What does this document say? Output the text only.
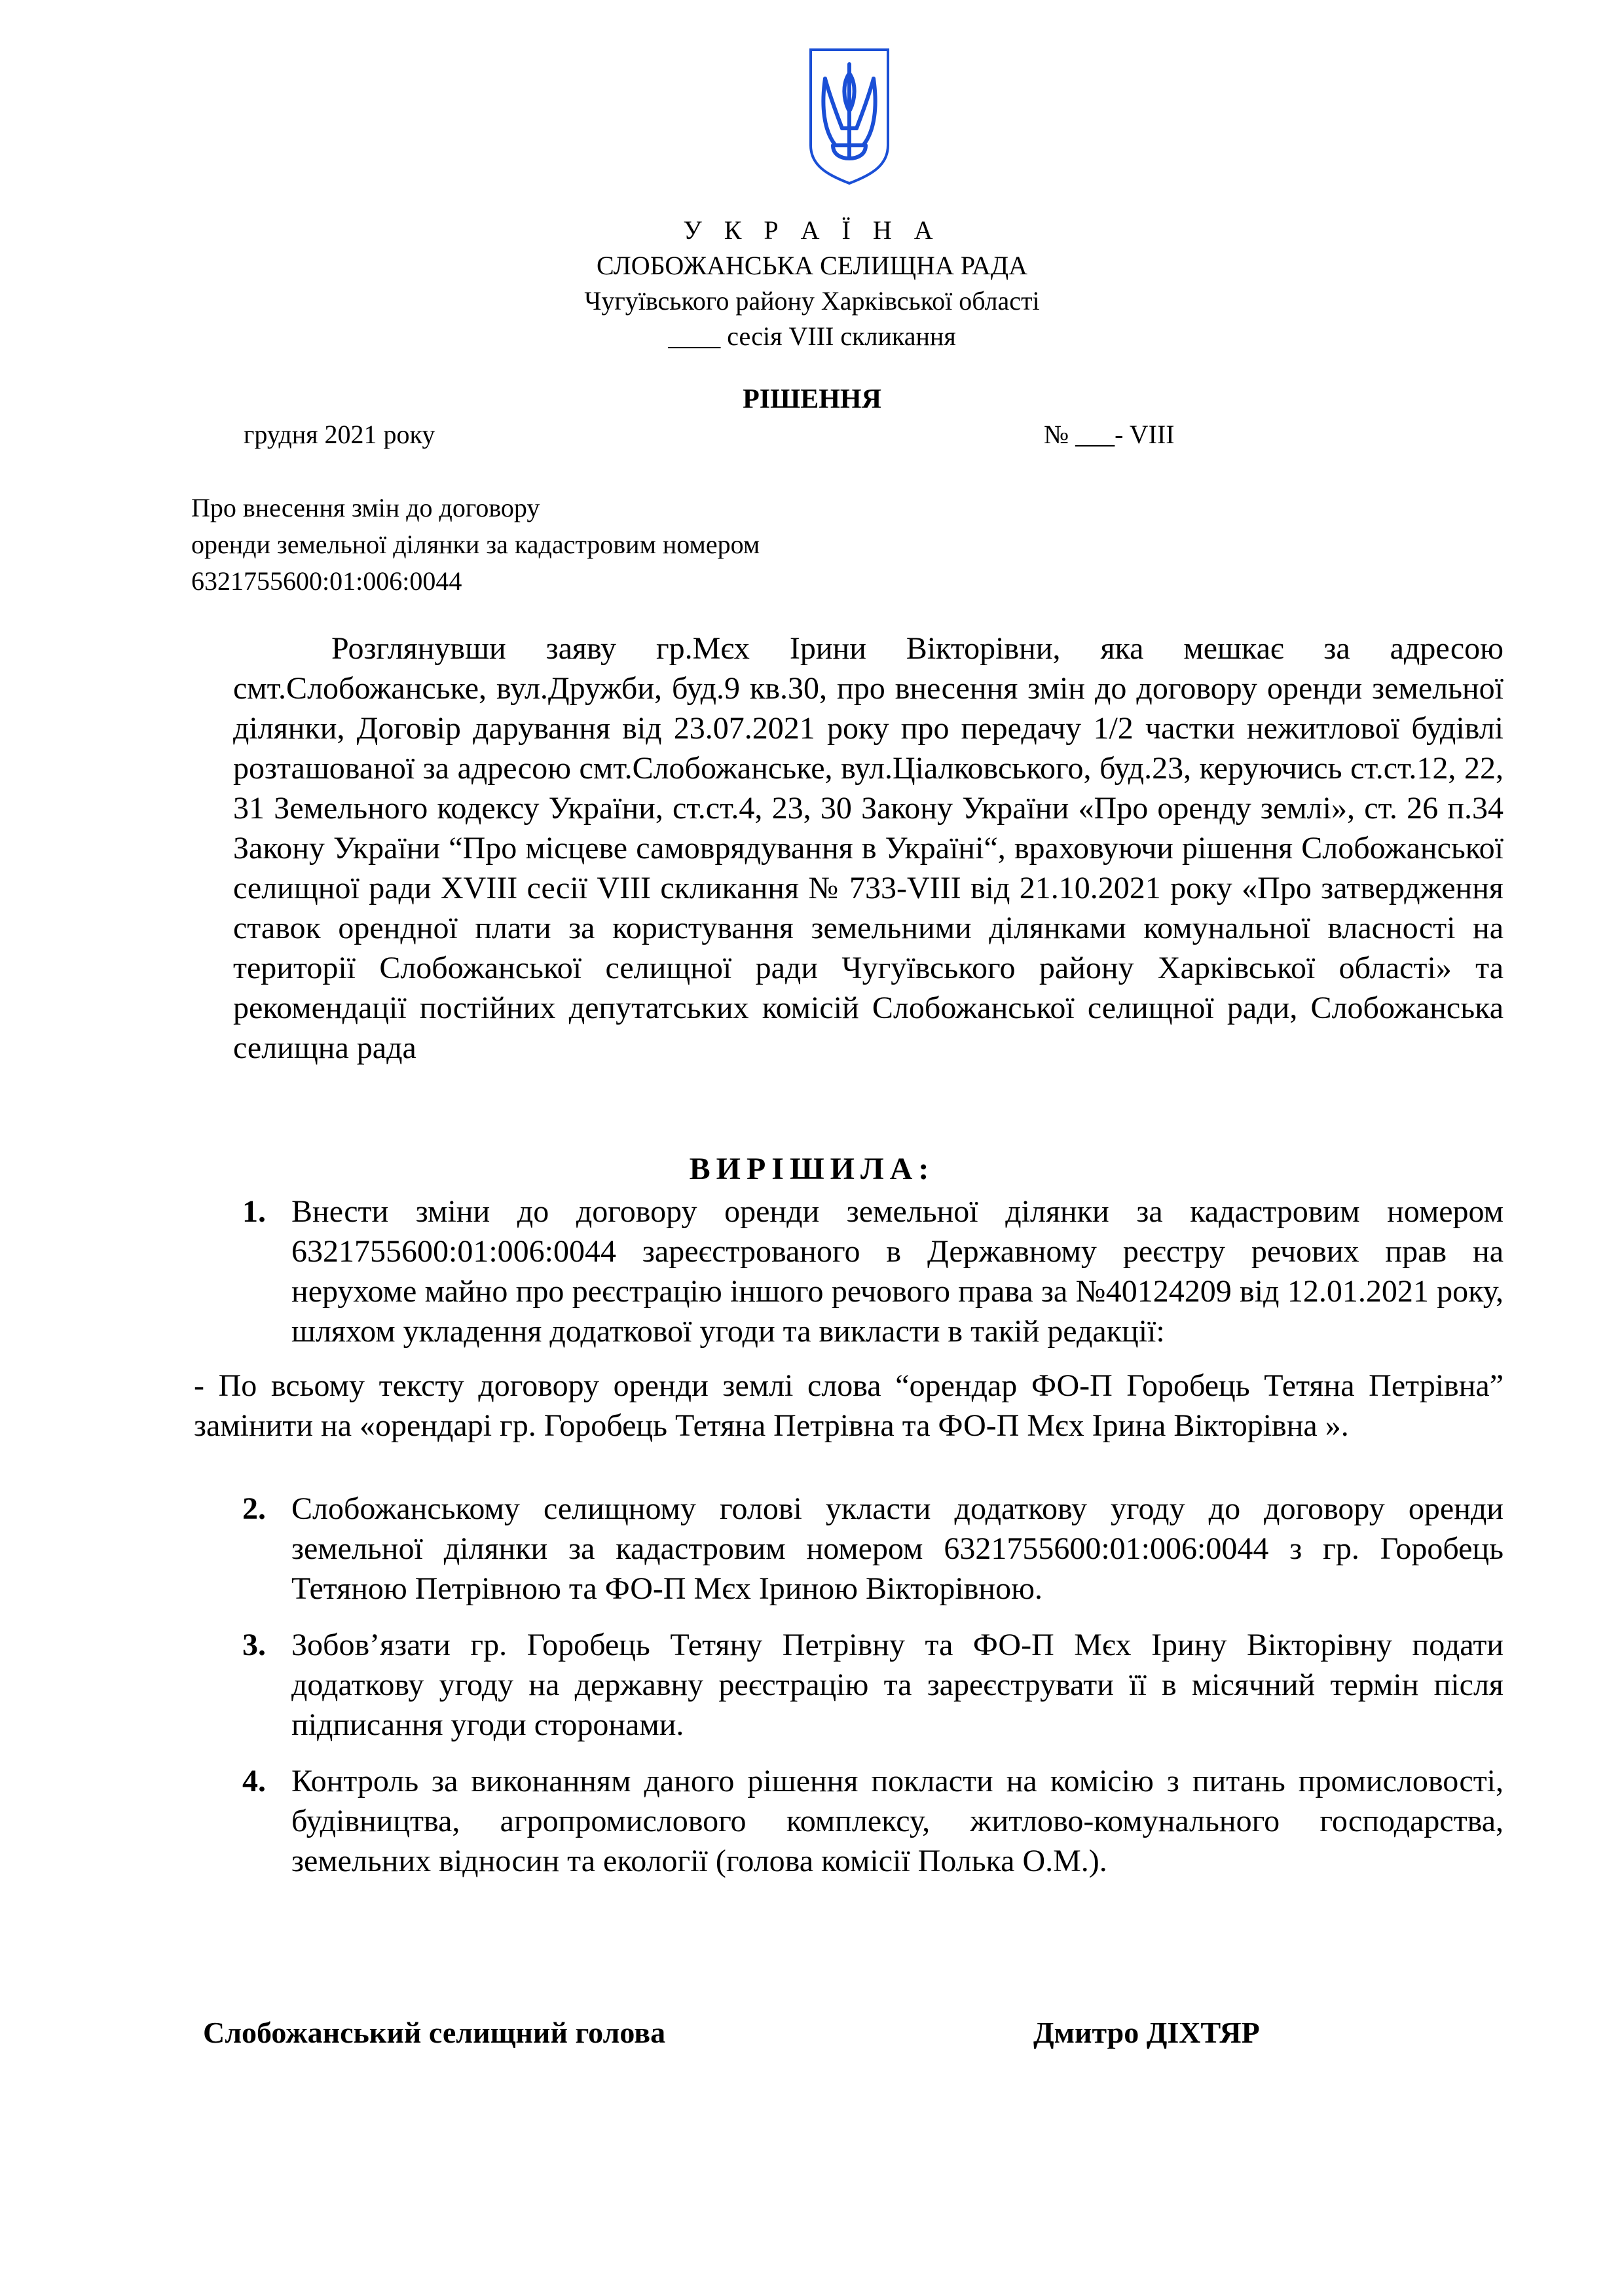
У К Р А Ї Н А
СЛОБОЖАНСЬКА СЕЛИЩНА РАДА
Чугуївського району Харківської області
____ сесія VIII скликання
РІШЕННЯ
грудня 2021 року	№ ___- VIII
Про внесення змін до договору
оренди земельної ділянки за кадастровим номером
6321755600:01:006:0044
Розглянувши заяву гр.Мєх Ірини Вікторівни, яка мешкає за адресою смт.Слобожанське, вул.Дружби, буд.9 кв.30, про внесення змін до договору оренди земельної ділянки, Договір дарування від 23.07.2021 року про передачу 1/2 частки нежитлової будівлі розташованої за адресою смт.Слобожанське, вул.Ціалковського, буд.23, керуючись ст.ст.12, 22, 31 Земельного кодексу України, ст.ст.4, 23, 30 Закону України «Про оренду землі», ст. 26 п.34 Закону України “Про місцеве самоврядування в Україні“, враховуючи рішення Слобожанської селищної ради XVIII сесії VIII скликання № 733-VIII від 21.10.2021 року «Про затвердження ставок орендної плати за користування земельними ділянками комунальної власності на території Слобожанської селищної ради Чугуївського району Харківської області» та рекомендації постійних депутатських комісій Слобожанської селищної ради, Слобожанська селищна рада
ВИРІШИЛА:
1. Внести зміни до договору оренди земельної ділянки за кадастровим номером 6321755600:01:006:0044 зареєстрованого в Державному реєстру речових прав на нерухоме майно про реєстрацію іншого речового права за №40124209 від 12.01.2021 року, шляхом укладення додаткової угоди та викласти в такій редакції:
- По всьому тексту договору оренди землі слова “орендар ФО-П Горобець Тетяна Петрівна” замінити на «орендарі гр. Горобець Тетяна Петрівна та ФО-П Мєх Ірина Вікторівна ».
2. Слобожанському селищному голові укласти додаткову угоду до договору оренди земельної ділянки за кадастровим номером 6321755600:01:006:0044 з гр. Горобець Тетяною Петрівною та ФО-П Мєх Іриною Вікторівною.
3. Зобов’язати гр. Горобець Тетяну Петрівну та ФО-П Мєх Ірину Вікторівну подати додаткову угоду на державну реєстрацію та зареєструвати її в місячний термін після підписання угоди сторонами.
4. Контроль за виконанням даного рішення покласти на комісію з питань промисловості, будівництва, агропромислового комплексу, житлово-комунального господарства, земельних відносин та екології (голова комісії Полька О.М.).
Слобожанський селищний голова	Дмитро ДІХТЯР
